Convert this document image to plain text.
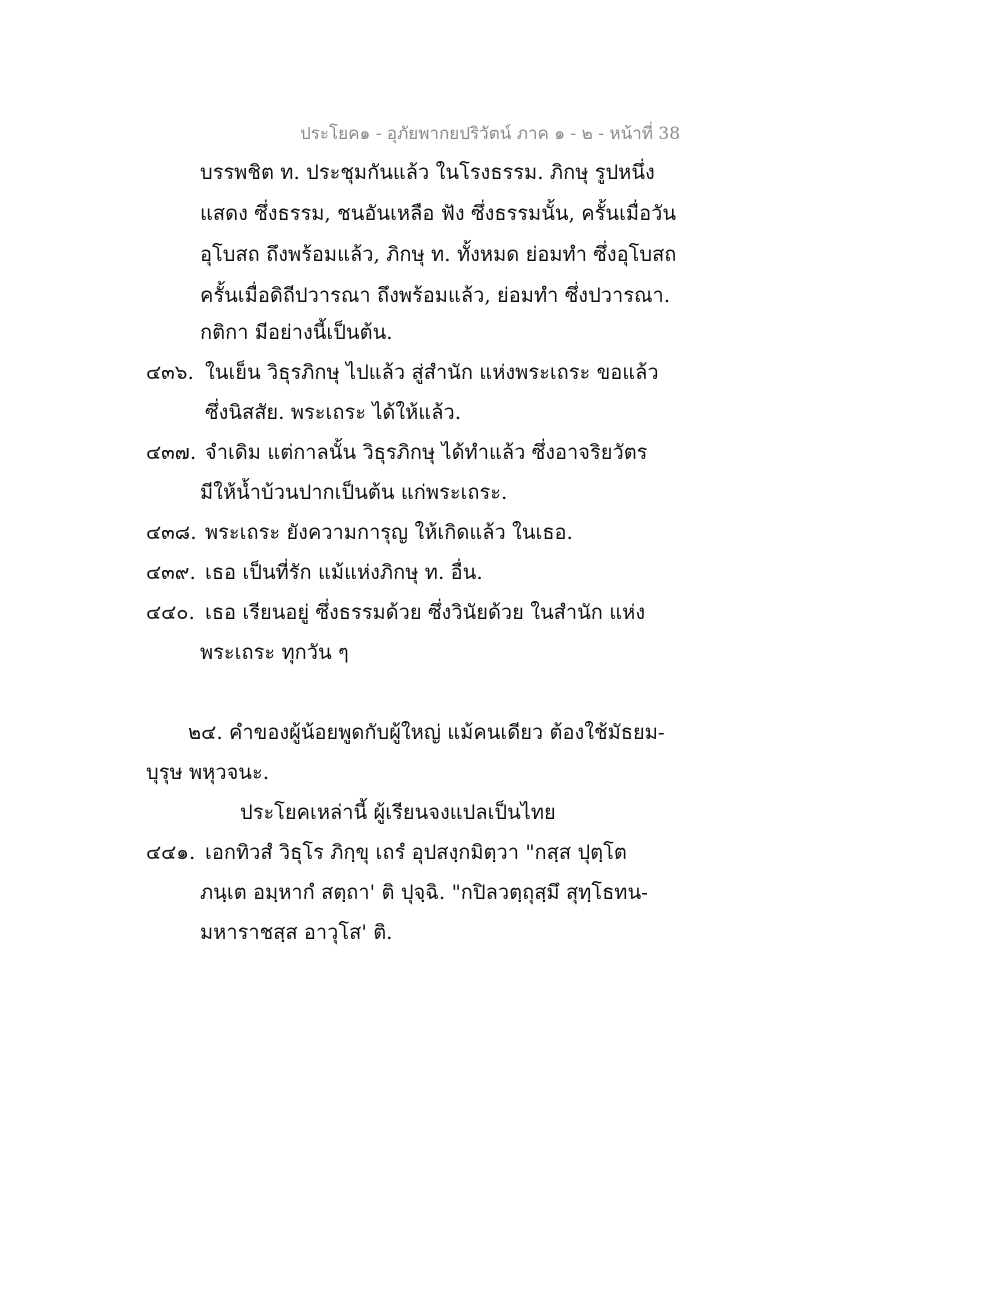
ประโยค๑ - อุภัยพากยปริวัตน์ ภาค ๑ - ๒ - หน้าที่ 38
บรรพชิต ท. ประชุมกันแล้ว ในโรงธรรม. ภิกษุ รูปหนึ่ง
แสดง ซึ่งธรรม, ชนอันเหลือ ฟัง ซึ่งธรรมนั้น, ครั้นเมื่อวัน
อุโบสถ ถึงพร้อมแล้ว, ภิกษุ ท. ทั้งหมด ย่อมทำ ซึ่งอุโบสถ
ครั้นเมื่อดิถีปวารณา ถึงพร้อมแล้ว, ย่อมทำ ซึ่งปวารณา.
กติกา มีอย่างนี้เป็นต้น.
๔๓๖. ในเย็น วิธุรภิกษุ ไปแล้ว สู่สำนัก แห่งพระเถระ ขอแล้ว
ซึ่งนิสสัย. พระเถระ ได้ให้แล้ว.
๔๓๗. จำเดิม แต่กาลนั้น วิธุรภิกษุ ได้ทำแล้ว ซึ่งอาจริยวัตร
มีให้น้ำบ้วนปากเป็นต้น แก่พระเถระ.
๔๓๘. พระเถระ ยังความการุญ ให้เกิดแล้ว ในเธอ.
๔๓๙. เธอ เป็นที่รัก แม้แห่งภิกษุ ท. อื่น.
๔๔๐. เธอ เรียนอยู่ ซึ่งธรรมด้วย ซึ่งวินัยด้วย ในสำนัก แห่ง
พระเถระ ทุกวัน ๆ
๒๔. คำของผู้น้อยพูดกับผู้ใหญ่ แม้คนเดียว ต้องใช้มัธยม-
บุรุษ พหุวจนะ.
ประโยคเหล่านี้ ผู้เรียนจงแปลเป็นไทย
๔๔๑. เอกทิวสํ วิธุโร ภิกฺขุ เถรํ อุปสงฺกมิตฺวา "กสฺส ปุตฺโต
ภนฺเต อมฺหากํ สตฺถา' ติ ปุจฺฉิ. "กปิลวตฺถุสฺมึ สุทฺโธทน-
มหาราชสฺส อาวุโส' ติ.
